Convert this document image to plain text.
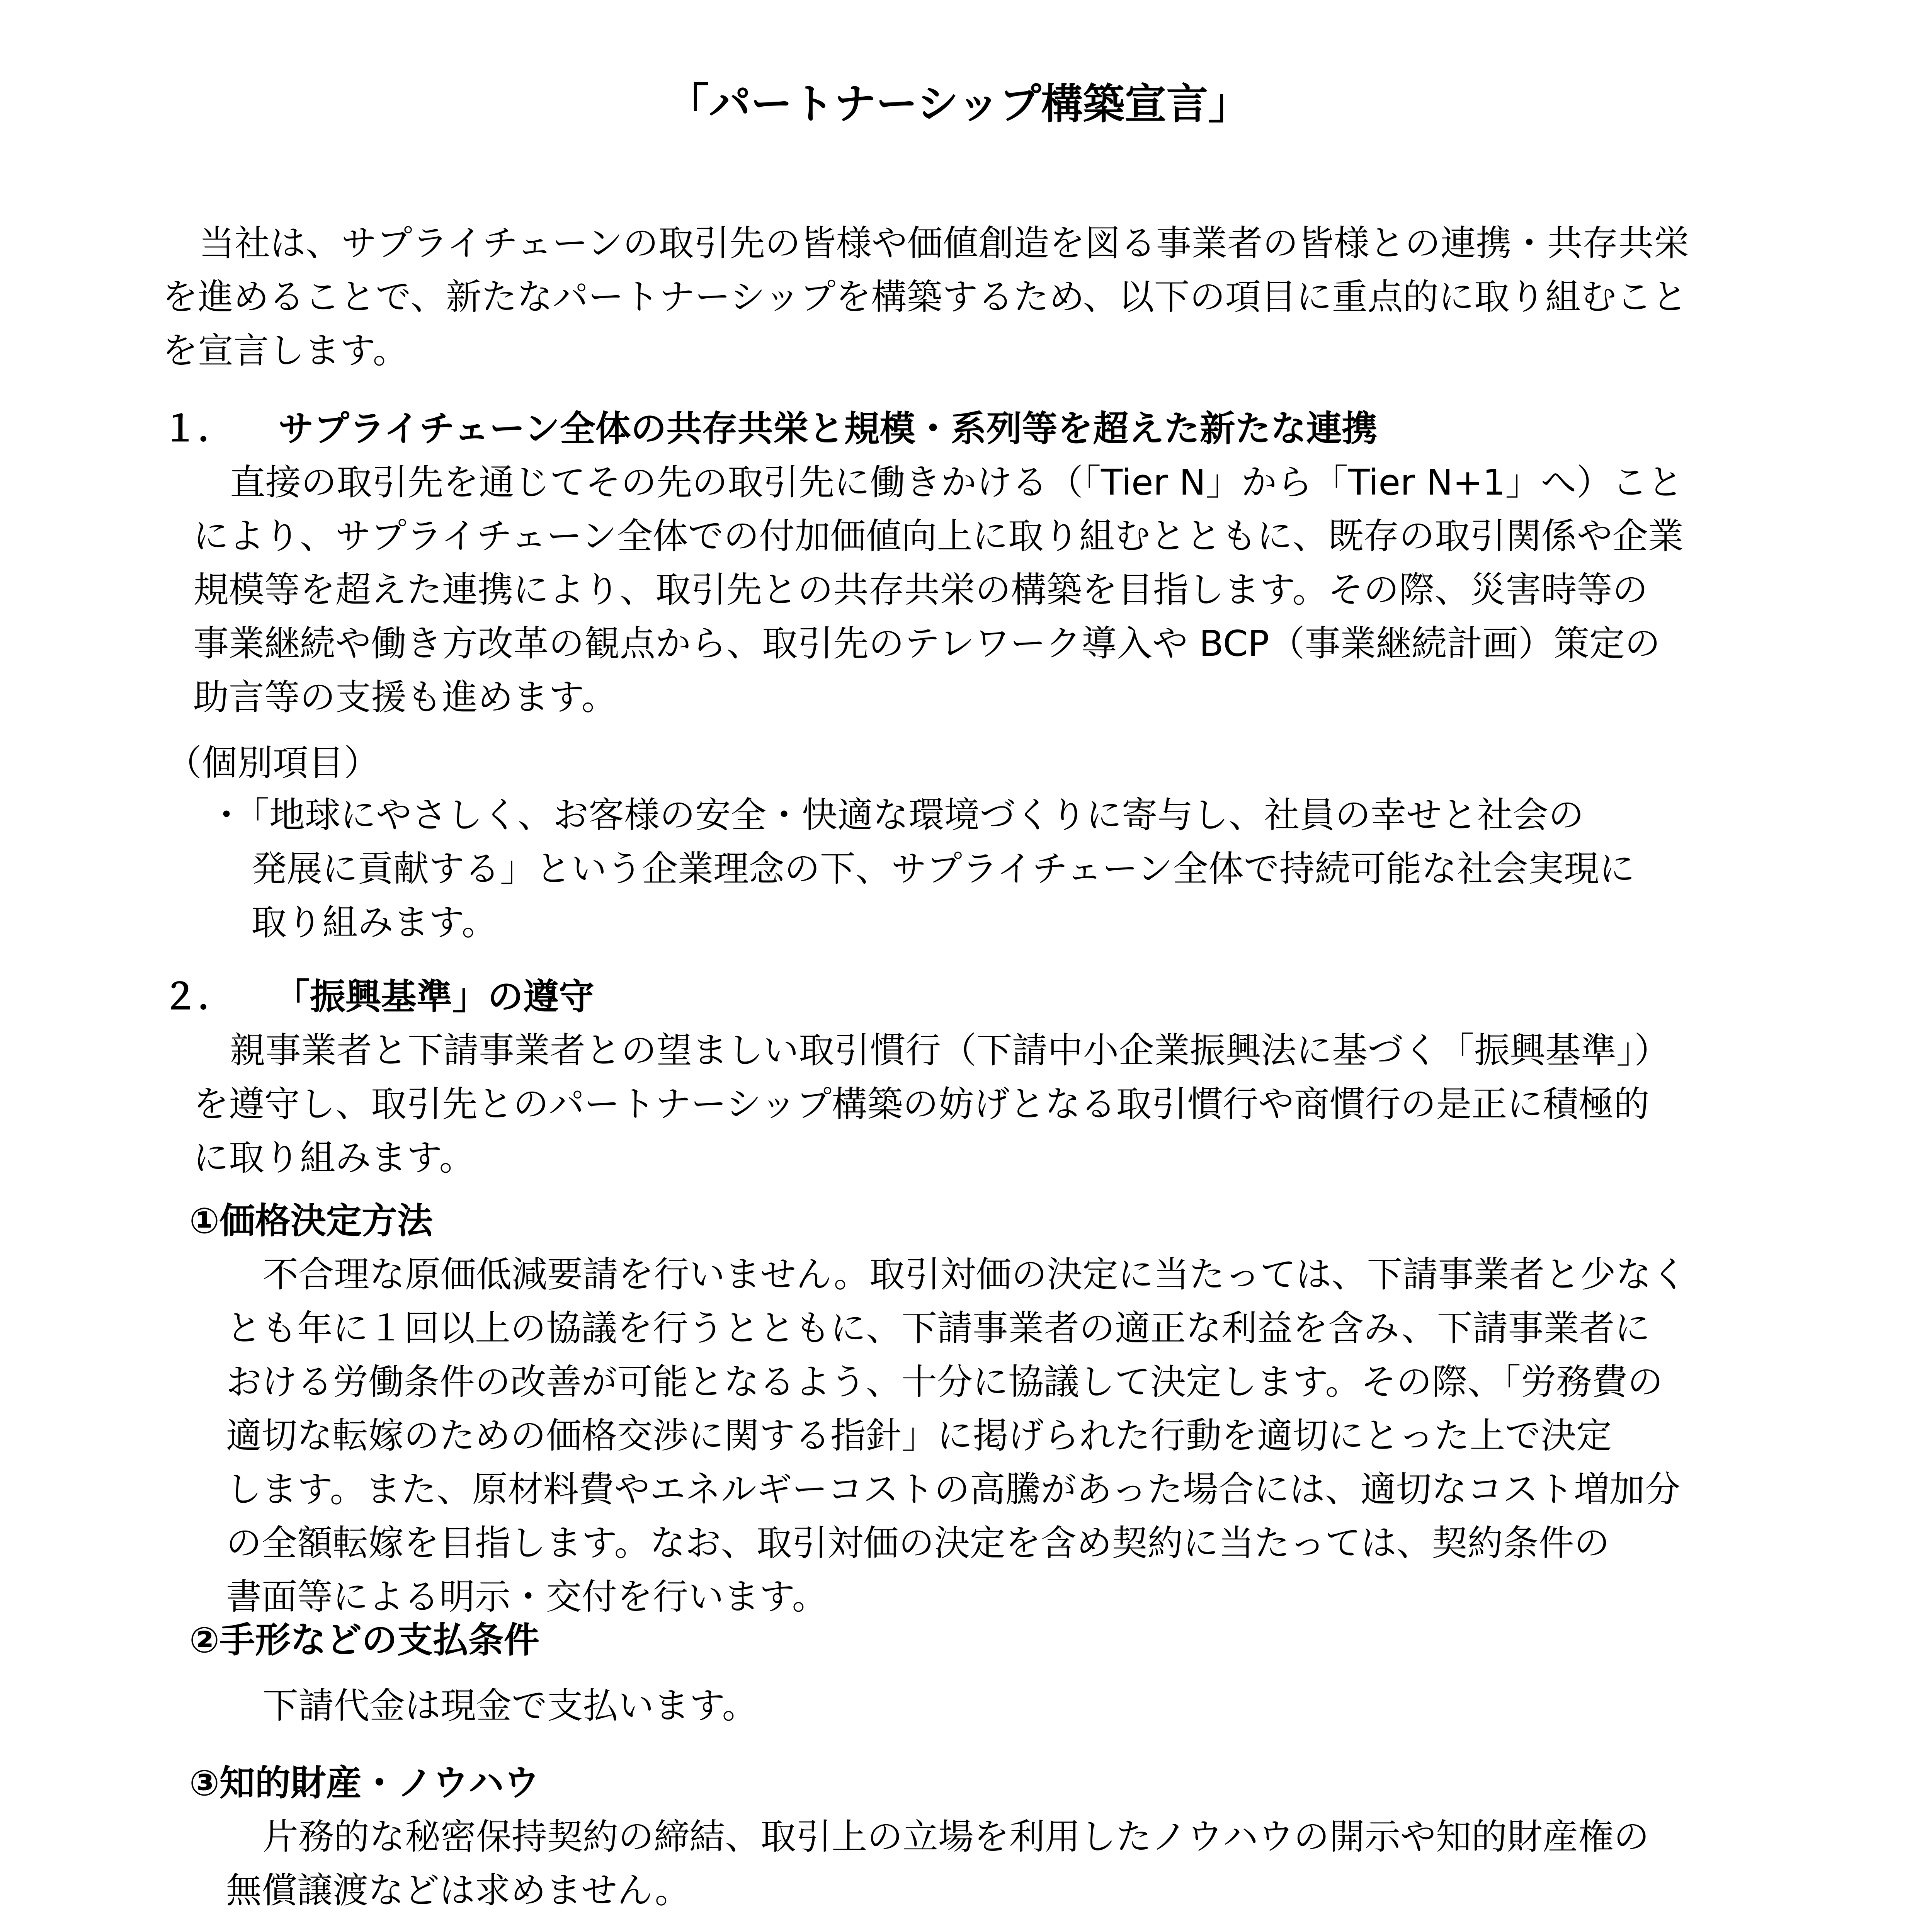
「パートナーシップ構築宣言」
当社は、サプライチェーンの取引先の皆様や価値創造を図る事業者の皆様との連携・共存共栄
を進めることで、新たなパートナーシップを構築するため、以下の項目に重点的に取り組むこと
を宣言します。
１． サプライチェーン全体の共存共栄と規模・系列等を超えた新たな連携
直接の取引先を通じてその先の取引先に働きかける（「Tier N」から「Tier N+1」へ）こと
により、サプライチェーン全体での付加価値向上に取り組むとともに、既存の取引関係や企業
規模等を超えた連携により、取引先との共存共栄の構築を目指します。その際、災害時等の
事業継続や働き方改革の観点から、取引先のテレワーク導入や BCP（事業継続計画）策定の
助言等の支援も進めます。
（個別項目）
・
「地球にやさしく、お客様の安全・快適な環境づくりに寄与し、社員の幸せと社会の
発展に貢献する」という企業理念の下、サプライチェーン全体で持続可能な社会実現に
取り組みます。
２． 「振興基準」の遵守
親事業者と下請事業者との望ましい取引慣行（下請中小企業振興法に基づく「振興基準」）
を遵守し、取引先とのパートナーシップ構築の妨げとなる取引慣行や商慣行の是正に積極的
に取り組みます。
①価格決定方法
不合理な原価低減要請を行いません。取引対価の決定に当たっては、下請事業者と少なく
とも年に１回以上の協議を行うとともに、下請事業者の適正な利益を含み、下請事業者に
おける労働条件の改善が可能となるよう、十分に協議して決定します。その際、「労務費の
適切な転嫁のための価格交渉に関する指針」に掲げられた行動を適切にとった上で決定
します。また、原材料費やエネルギーコストの高騰があった場合には、適切なコスト増加分
の全額転嫁を目指します。なお、取引対価の決定を含め契約に当たっては、契約条件の
書面等による明示・交付を行います。
②手形などの支払条件
下請代金は現金で支払います。
③知的財産・ノウハウ
片務的な秘密保持契約の締結、取引上の立場を利用したノウハウの開示や知的財産権の
無償譲渡などは求めません。
